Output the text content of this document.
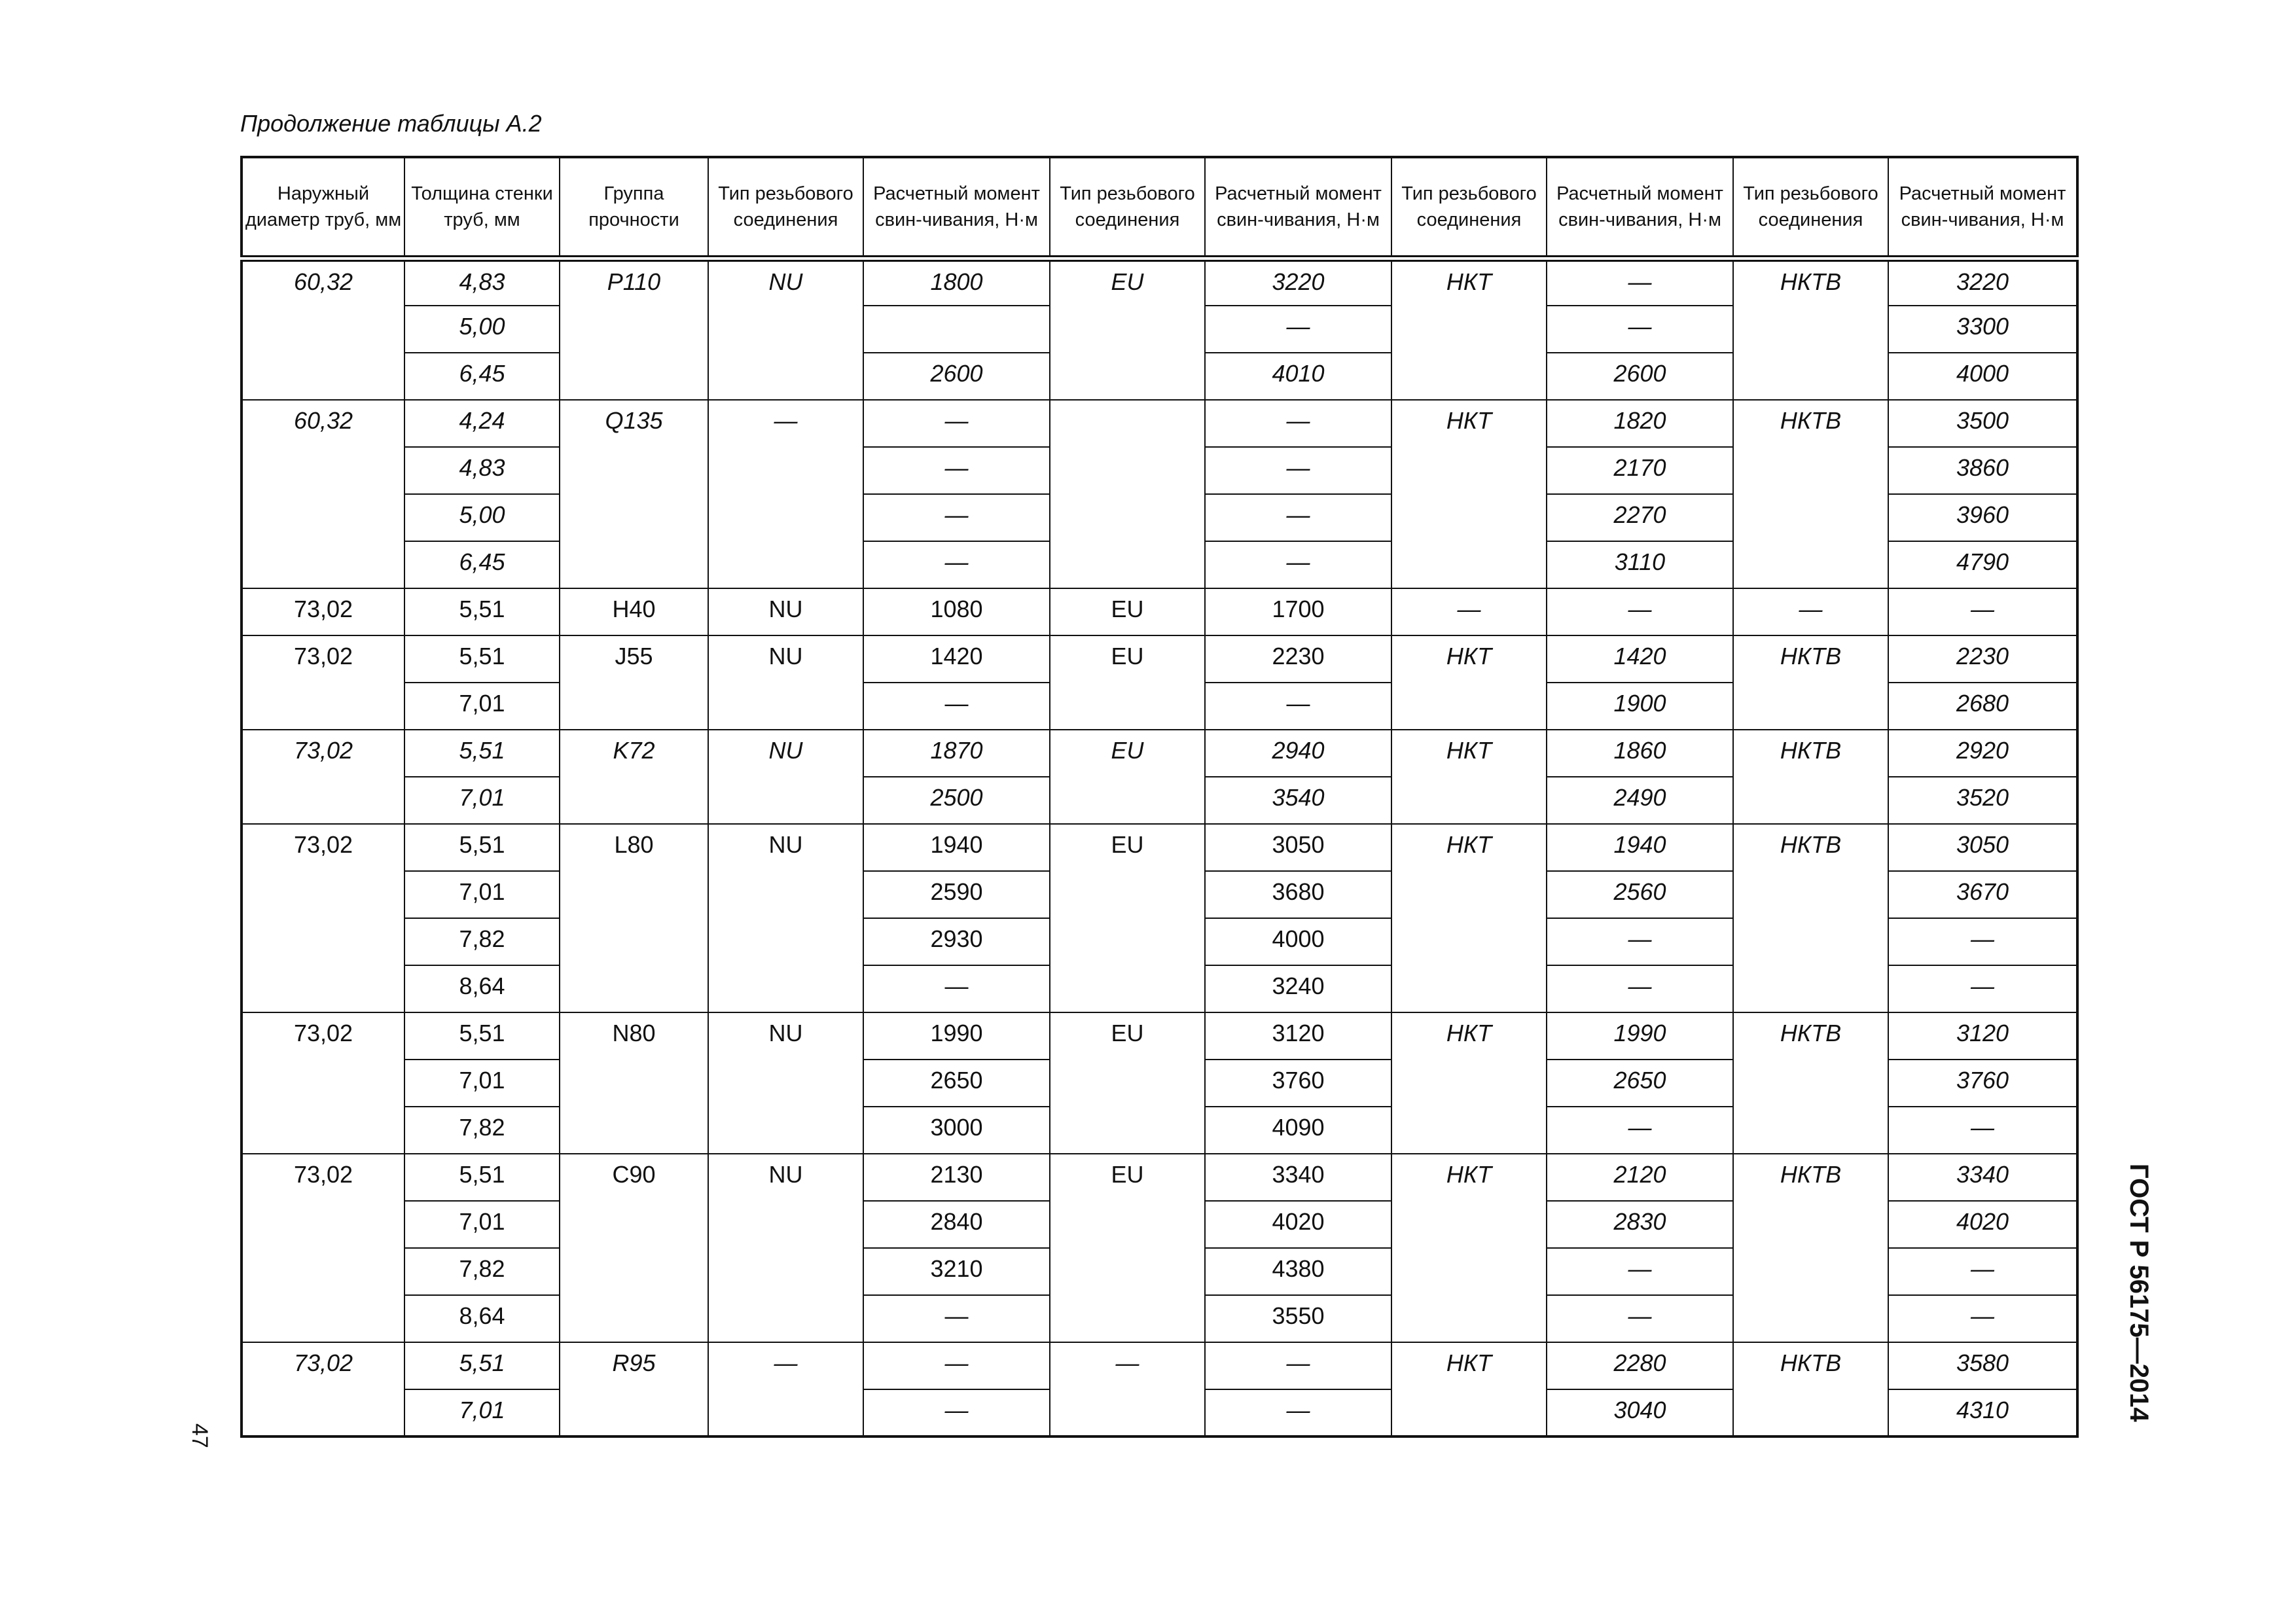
Продолжение таблицы А.2
Наружный диаметр труб, мм	Толщина стенки труб, мм	Группа прочности	Тип резьбового соединения	Расчетный момент свин-чивания, Н·м	Тип резьбового соединения	Расчетный момент свин-чивания, Н·м	Тип резьбового соединения	Расчетный момент свин-чивания, Н·м	Тип резьбового соединения	Расчетный момент свин-чивания, Н·м
60,32	4,83	P110	NU	1800	EU	3220	НКТ	—	НКТВ	3220
	5,00					—		—		3300
	6,45			2600		4010		2600		4000
60,32	4,24	Q135	—	—		—	НКТ	1820	НКТВ	3500
	4,83			—		—		2170		3860
	5,00			—		—		2270		3960
	6,45			—		—		3110		4790
73,02	5,51	H40	NU	1080	EU	1700	—	—	—	—
73,02	5,51	J55	NU	1420	EU	2230	НКТ	1420	НКТВ	2230
	7,01			—		—		1900		2680
73,02	5,51	K72	NU	1870	EU	2940	НКТ	1860	НКТВ	2920
	7,01			2500		3540		2490		3520
73,02	5,51	L80	NU	1940	EU	3050	НКТ	1940	НКТВ	3050
	7,01			2590		3680		2560		3670
	7,82			2930		4000		—		—
	8,64			—		3240		—		—
73,02	5,51	N80	NU	1990	EU	3120	НКТ	1990	НКТВ	3120
	7,01			2650		3760		2650		3760
	7,82			3000		4090		—		—
73,02	5,51	C90	NU	2130	EU	3340	НКТ	2120	НКТВ	3340
	7,01			2840		4020		2830		4020
	7,82			3210		4380		—		—
	8,64			—		3550		—		—
73,02	5,51	R95	—	—	—	—	НКТ	2280	НКТВ	3580
	7,01			—		—		3040		4310
47
ГОСТ Р 56175—2014
